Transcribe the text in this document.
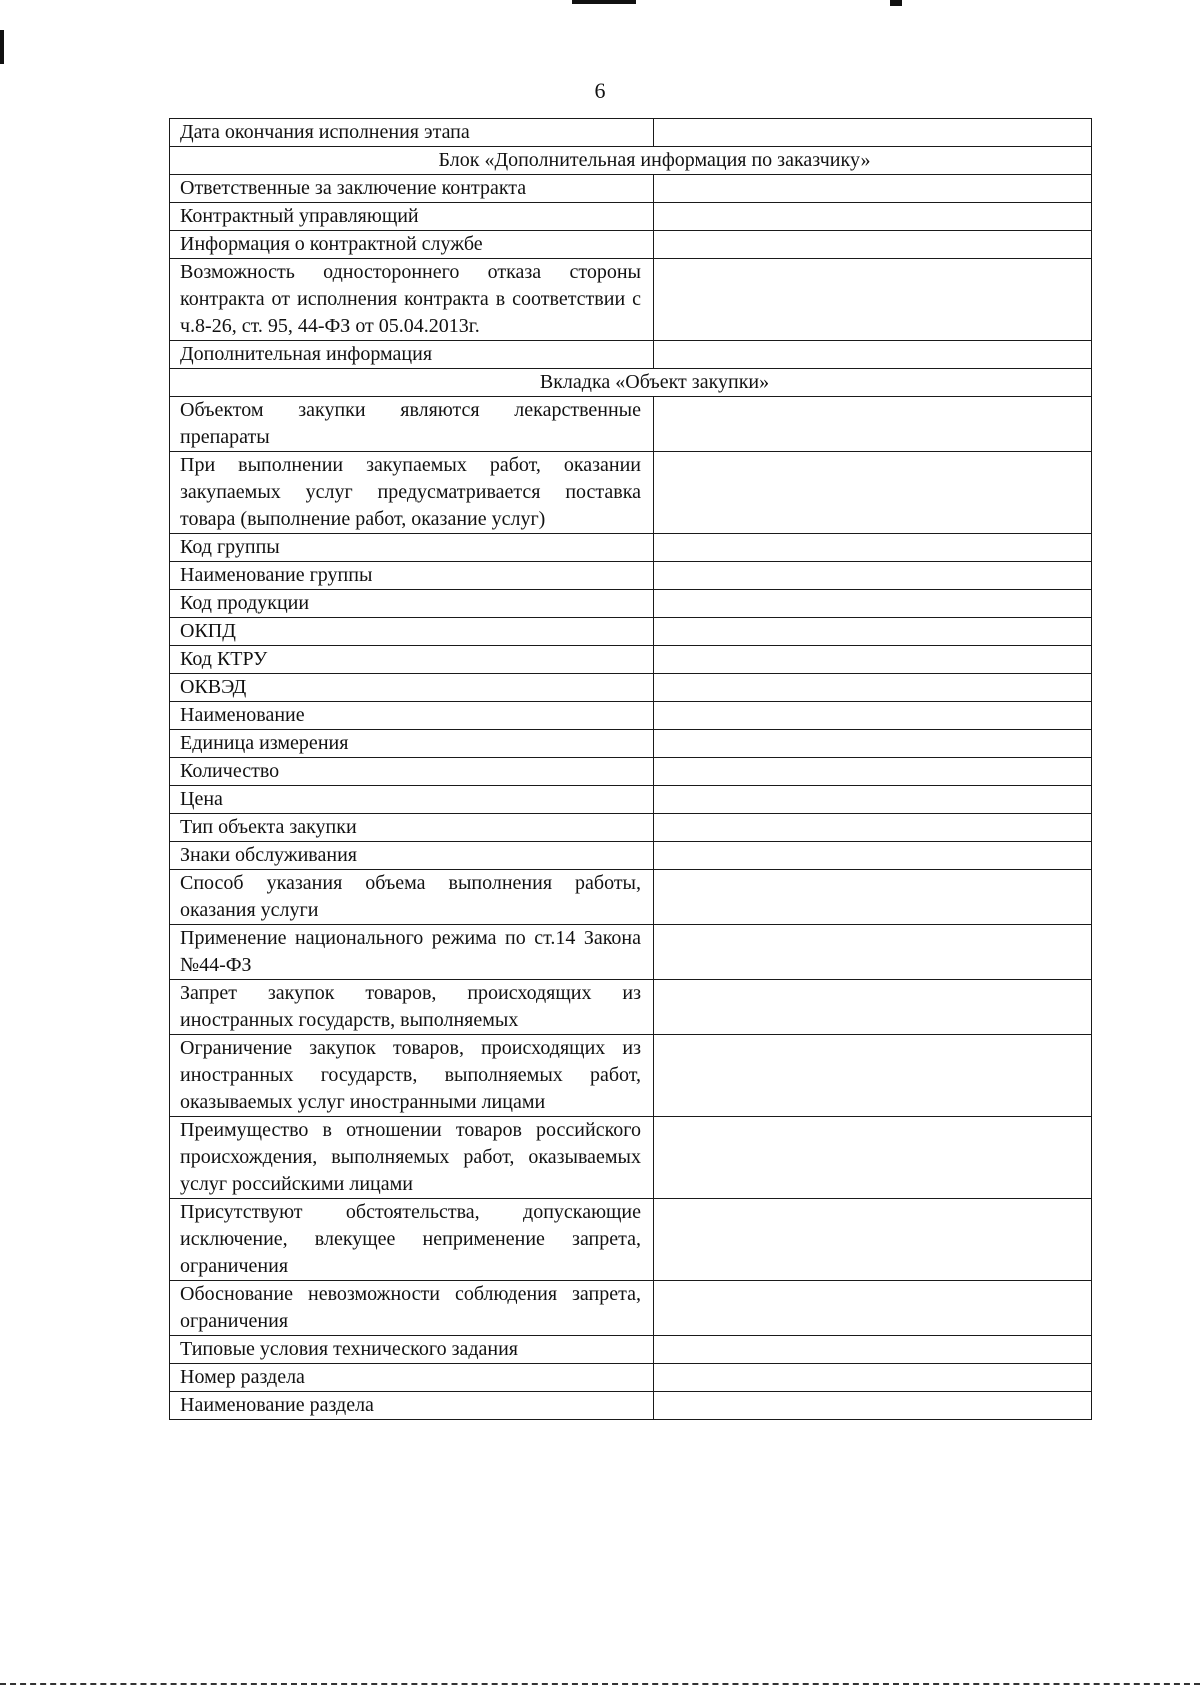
6
Дата окончания исполнения этапа	
Блок «Дополнительная информация по заказчику»	
Ответственные за заключение контракта	
Контрактный управляющий	
Информация о контрактной службе	
Возможность одностороннего отказа стороны контракта от исполнения контракта в соответствии с ч.8-26, ст. 95, 44-ФЗ от 05.04.2013г.	
Дополнительная информация	
Вкладка «Объект закупки»	
Объектом закупки являются лекарственные препараты	
При выполнении закупаемых работ, оказании закупаемых услуг предусматривается поставка товара (выполнение работ, оказание услуг)	
Код группы	
Наименование группы	
Код продукции	
ОКПД	
Код КТРУ	
ОКВЭД	
Наименование	
Единица измерения	
Количество	
Цена	
Тип объекта закупки	
Знаки обслуживания	
Способ указания объема выполнения работы, оказания услуги	
Применение национального режима по ст.14 Закона №44-ФЗ	
Запрет закупок товаров, происходящих из иностранных государств, выполняемых	
Ограничение закупок товаров, происходящих из иностранных государств, выполняемых работ, оказываемых услуг иностранными лицами	
Преимущество в отношении товаров российского происхождения, выполняемых работ, оказываемых услуг российскими лицами	
Присутствуют обстоятельства, допускающие исключение, влекущее неприменение запрета, ограничения	
Обоснование невозможности соблюдения запрета, ограничения	
Типовые условия технического задания	
Номер раздела	
Наименование раздела	
